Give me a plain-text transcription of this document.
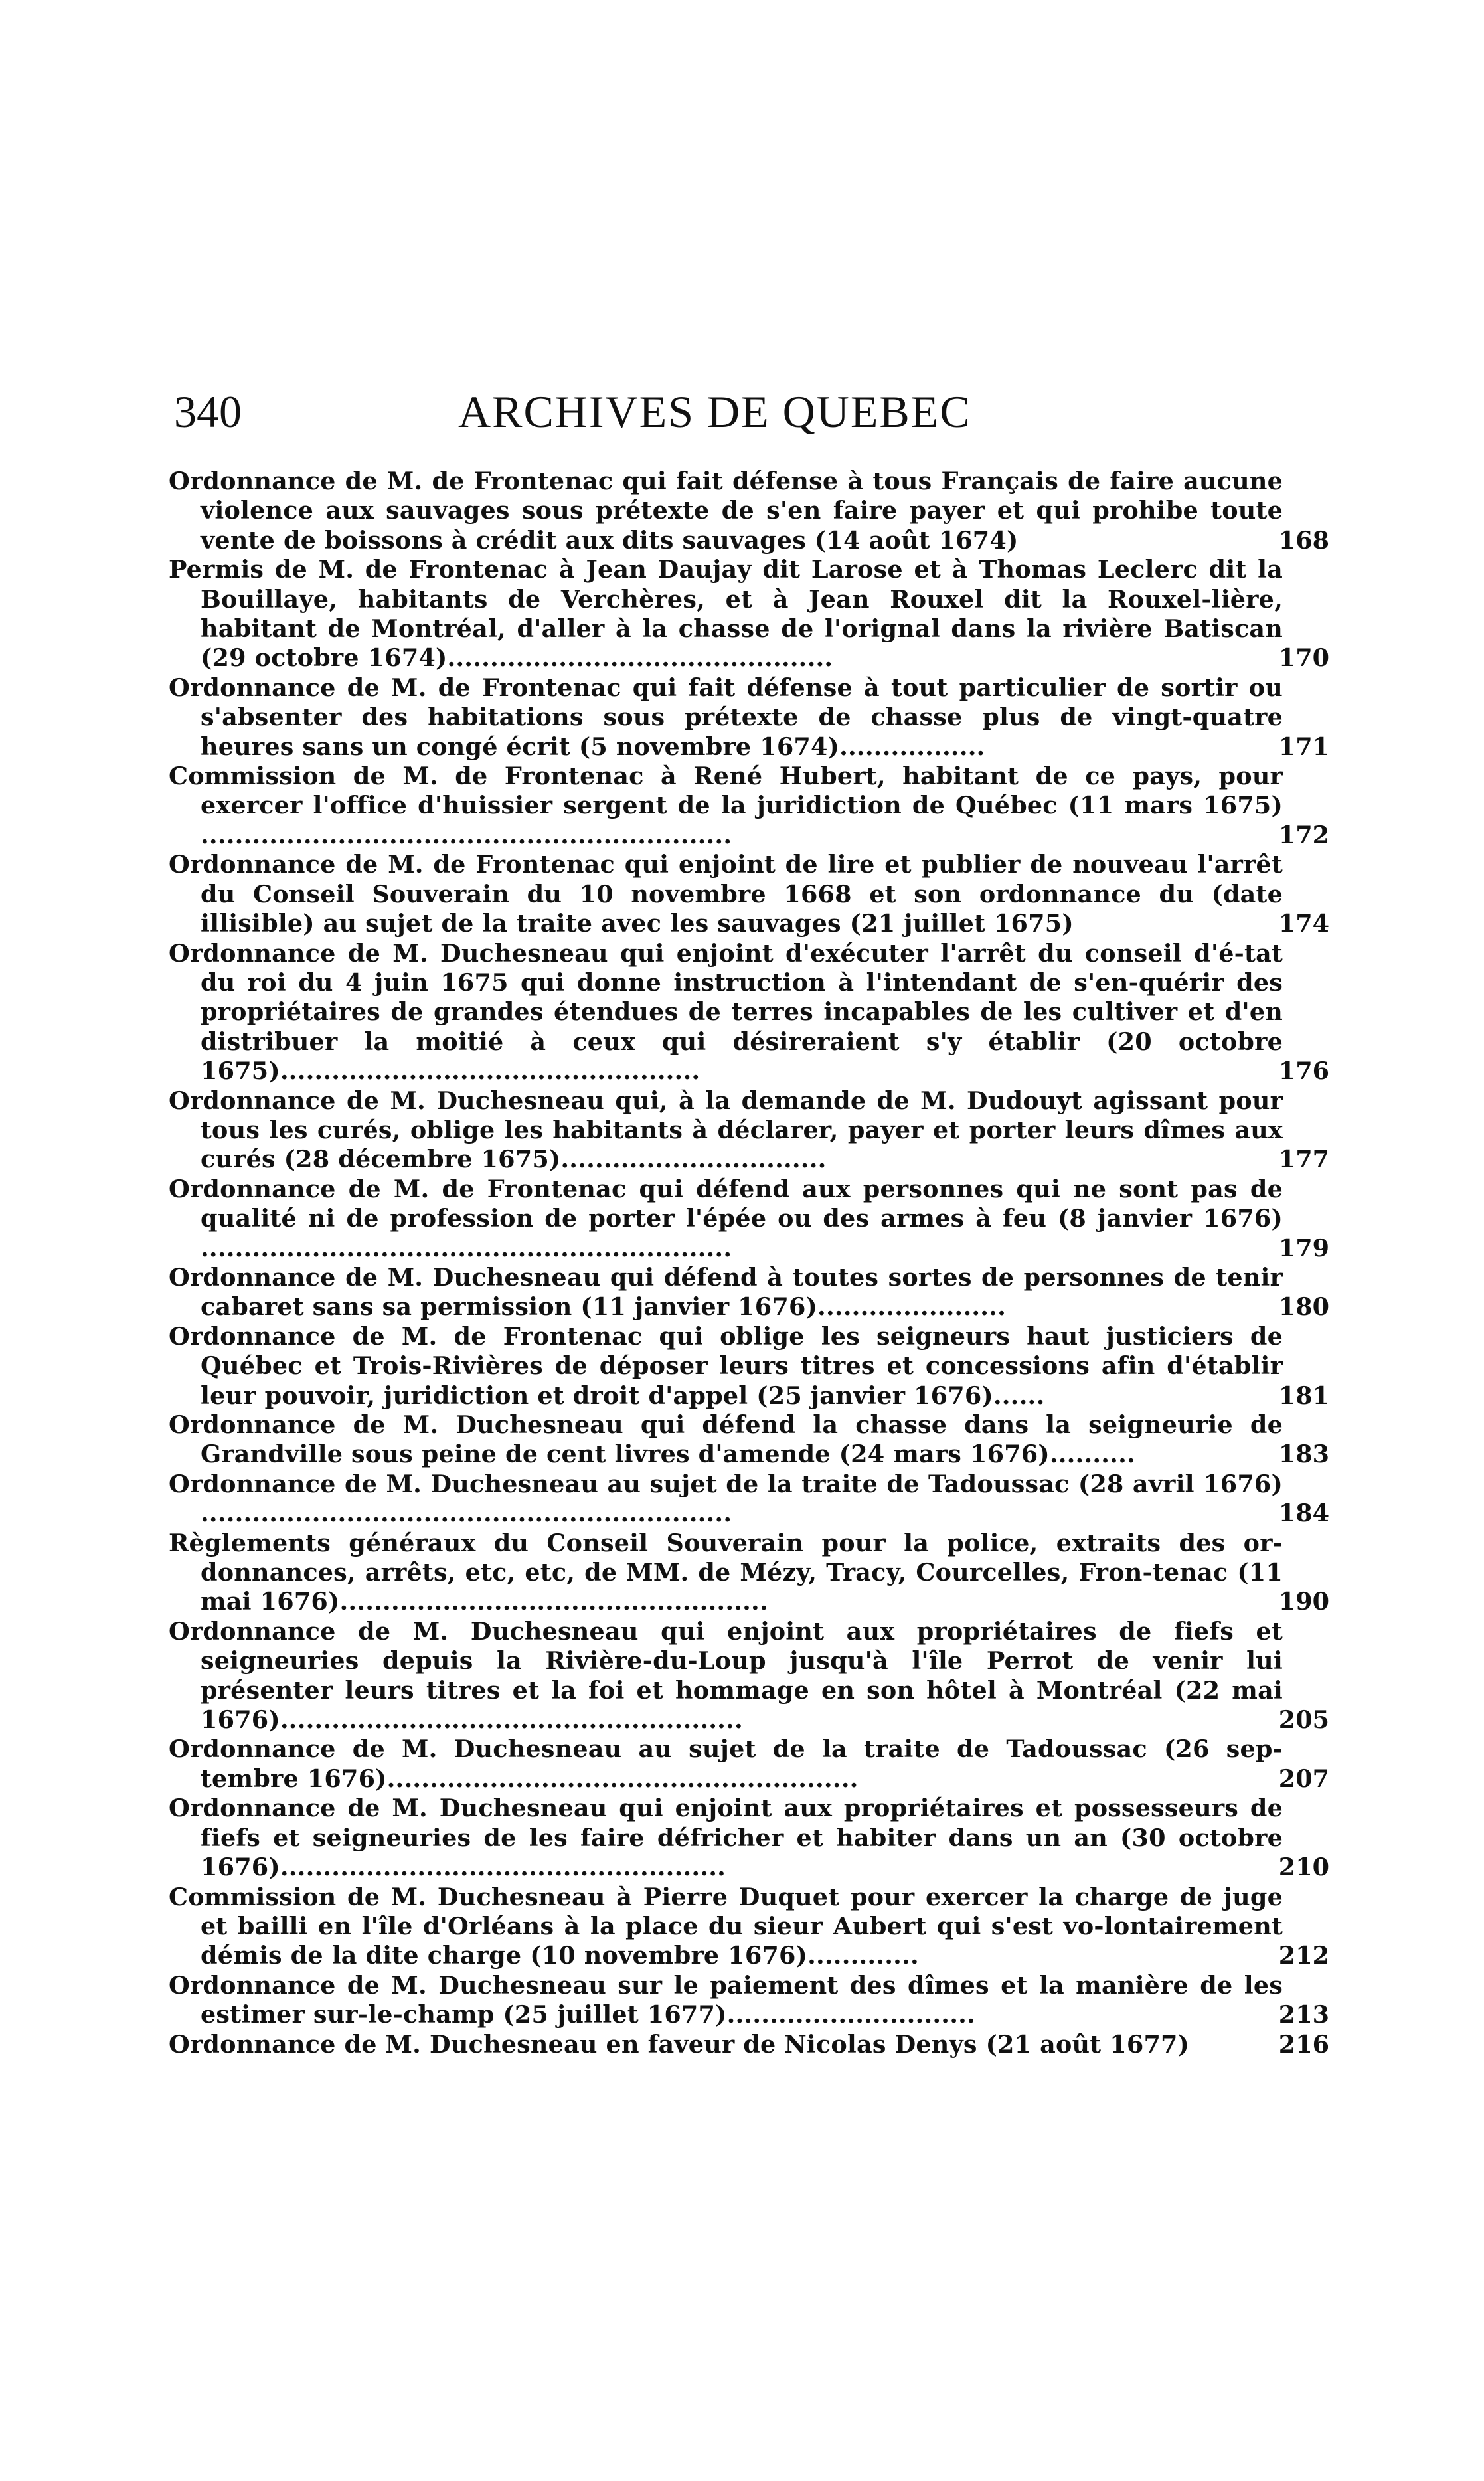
340	ARCHIVES DE QUEBEC
Ordonnance de M. de Frontenac qui fait défense à tous Français de faire aucune violence aux sauvages sous prétexte de s'en faire payer et qui prohibe toute vente de boissons à crédit aux dits sauvages (14 août 1674)	168
Permis de M. de Frontenac à Jean Daujay dit Larose et à Thomas Leclerc dit la Bouillaye, habitants de Verchères, et à Jean Rouxel dit la Rouxel-lière, habitant de Montréal, d'aller à la chasse de l'orignal dans la rivière Batiscan (29 octobre 1674).............................................	170
Ordonnance de M. de Frontenac qui fait défense à tout particulier de sortir ou s'absenter des habitations sous prétexte de chasse plus de vingt-quatre heures sans un congé écrit (5 novembre 1674).................	171
Commission de M. de Frontenac à René Hubert, habitant de ce pays, pour exercer l'office d'huissier sergent de la juridiction de Québec (11 mars 1675) ..............................................................	172
Ordonnance de M. de Frontenac qui enjoint de lire et publier de nouveau l'arrêt du Conseil Souverain du 10 novembre 1668 et son ordonnance du (date illisible) au sujet de la traite avec les sauvages (21 juillet 1675)	174
Ordonnance de M. Duchesneau qui enjoint d'exécuter l'arrêt du conseil d'é-tat du roi du 4 juin 1675 qui donne instruction à l'intendant de s'en-quérir des propriétaires de grandes étendues de terres incapables de les cultiver et d'en distribuer la moitié à ceux qui désireraient s'y établir (20 octobre 1675).................................................	176
Ordonnance de M. Duchesneau qui, à la demande de M. Dudouyt agissant pour tous les curés, oblige les habitants à déclarer, payer et porter leurs dîmes aux curés (28 décembre 1675)...............................	177
Ordonnance de M. de Frontenac qui défend aux personnes qui ne sont pas de qualité ni de profession de porter l'épée ou des armes à feu (8 janvier 1676) ..............................................................	179
Ordonnance de M. Duchesneau qui défend à toutes sortes de personnes de tenir cabaret sans sa permission (11 janvier 1676)......................	180
Ordonnance de M. de Frontenac qui oblige les seigneurs haut justiciers de Québec et Trois-Rivières de déposer leurs titres et concessions afin d'établir leur pouvoir, juridiction et droit d'appel (25 janvier 1676)......	181
Ordonnance de M. Duchesneau qui défend la chasse dans la seigneurie de Grandville sous peine de cent livres d'amende (24 mars 1676)..........	183
Ordonnance de M. Duchesneau au sujet de la traite de Tadoussac (28 avril 1676) ..............................................................	184
Règlements généraux du Conseil Souverain pour la police, extraits des or-donnances, arrêts, etc, etc, de MM. de Mézy, Tracy, Courcelles, Fron-tenac (11 mai 1676)..................................................	190
Ordonnance de M. Duchesneau qui enjoint aux propriétaires de fiefs et seigneuries depuis la Rivière-du-Loup jusqu'à l'île Perrot de venir lui présenter leurs titres et la foi et hommage en son hôtel à Montréal (22 mai 1676)......................................................	205
Ordonnance de M. Duchesneau au sujet de la traite de Tadoussac (26 sep-tembre 1676).......................................................	207
Ordonnance de M. Duchesneau qui enjoint aux propriétaires et possesseurs de fiefs et seigneuries de les faire défricher et habiter dans un an (30 octobre 1676)....................................................	210
Commission de M. Duchesneau à Pierre Duquet pour exercer la charge de juge et bailli en l'île d'Orléans à la place du sieur Aubert qui s'est vo-lontairement démis de la dite charge (10 novembre 1676).............	212
Ordonnance de M. Duchesneau sur le paiement des dîmes et la manière de les estimer sur-le-champ (25 juillet 1677).............................	213
Ordonnance de M. Duchesneau en faveur de Nicolas Denys (21 août 1677)	216
